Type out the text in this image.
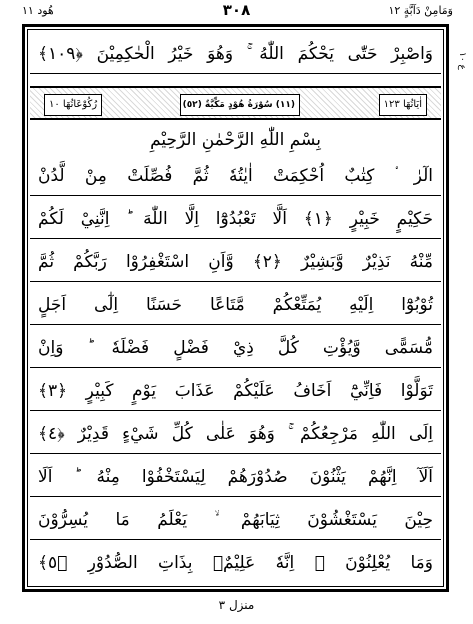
هُود ١١	٣٠٨	وَمَامِنْ دَآبَّةٍ ١٢
ع ١٠
وَاصْبِرْ حَتّٰى يَحْكُمَ اللّٰهُ ۚ وَهُوَ خَيْرُ الْحٰكِمِيْنَ ﴿١٠٩﴾
رُكُوْعَاتُهَا ١٠	(١١) سُوْرَةُ هُوْدٍ مَكِّيَّةٌ (٥٢)	اٰيَاتُهَا ١٢٣
بِسْمِ اللّٰهِ الرَّحْمٰنِ الرَّحِيْمِ
الٓرٰ ۟ كِتٰبٌ اُحْكِمَتْ اٰيٰتُهٗ ثُمَّ فُصِّلَتْ مِنْ لَّدُنْ
حَكِيْمٍ خَبِيْرٍ ﴿١﴾ اَلَّا تَعْبُدُوْٓا اِلَّا اللّٰهَ ؕ اِنَّنِيْ لَكُمْ
مِّنْهُ نَذِيْرٌ وَّبَشِيْرٌ ﴿٢﴾ وَّاَنِ اسْتَغْفِرُوْا رَبَّكُمْ ثُمَّ
تُوْبُوْٓا اِلَيْهِ يُمَتِّعْكُمْ مَّتَاعًا حَسَنًا اِلٰٓى اَجَلٍ
مُّسَمًّى وَّيُؤْتِ كُلَّ ذِيْ فَضْلٍ فَضْلَهٗ ؕ وَاِنْ
تَوَلَّوْا فَاِنِّيْٓ اَخَافُ عَلَيْكُمْ عَذَابَ يَوْمٍ كَبِيْرٍ ﴿٣﴾
اِلَى اللّٰهِ مَرْجِعُكُمْ ۚ وَهُوَ عَلٰى كُلِّ شَيْءٍ قَدِيْرٌ ﴿٤﴾
اَلَآ اِنَّهُمْ يَثْنُوْنَ صُدُوْرَهُمْ لِيَسْتَخْفُوْا مِنْهُ ؕ اَلَا
حِيْنَ يَسْتَغْشُوْنَ ثِيَابَهُمْ ۙ يَعْلَمُ مَا يُسِرُّوْنَ
وَمَا يُعْلِنُوْنَ ۚ اِنَّهٗ عَلِيْمٌۢ بِذَاتِ الصُّدُوْرِ ﴿٥﴾
منزل ٣
